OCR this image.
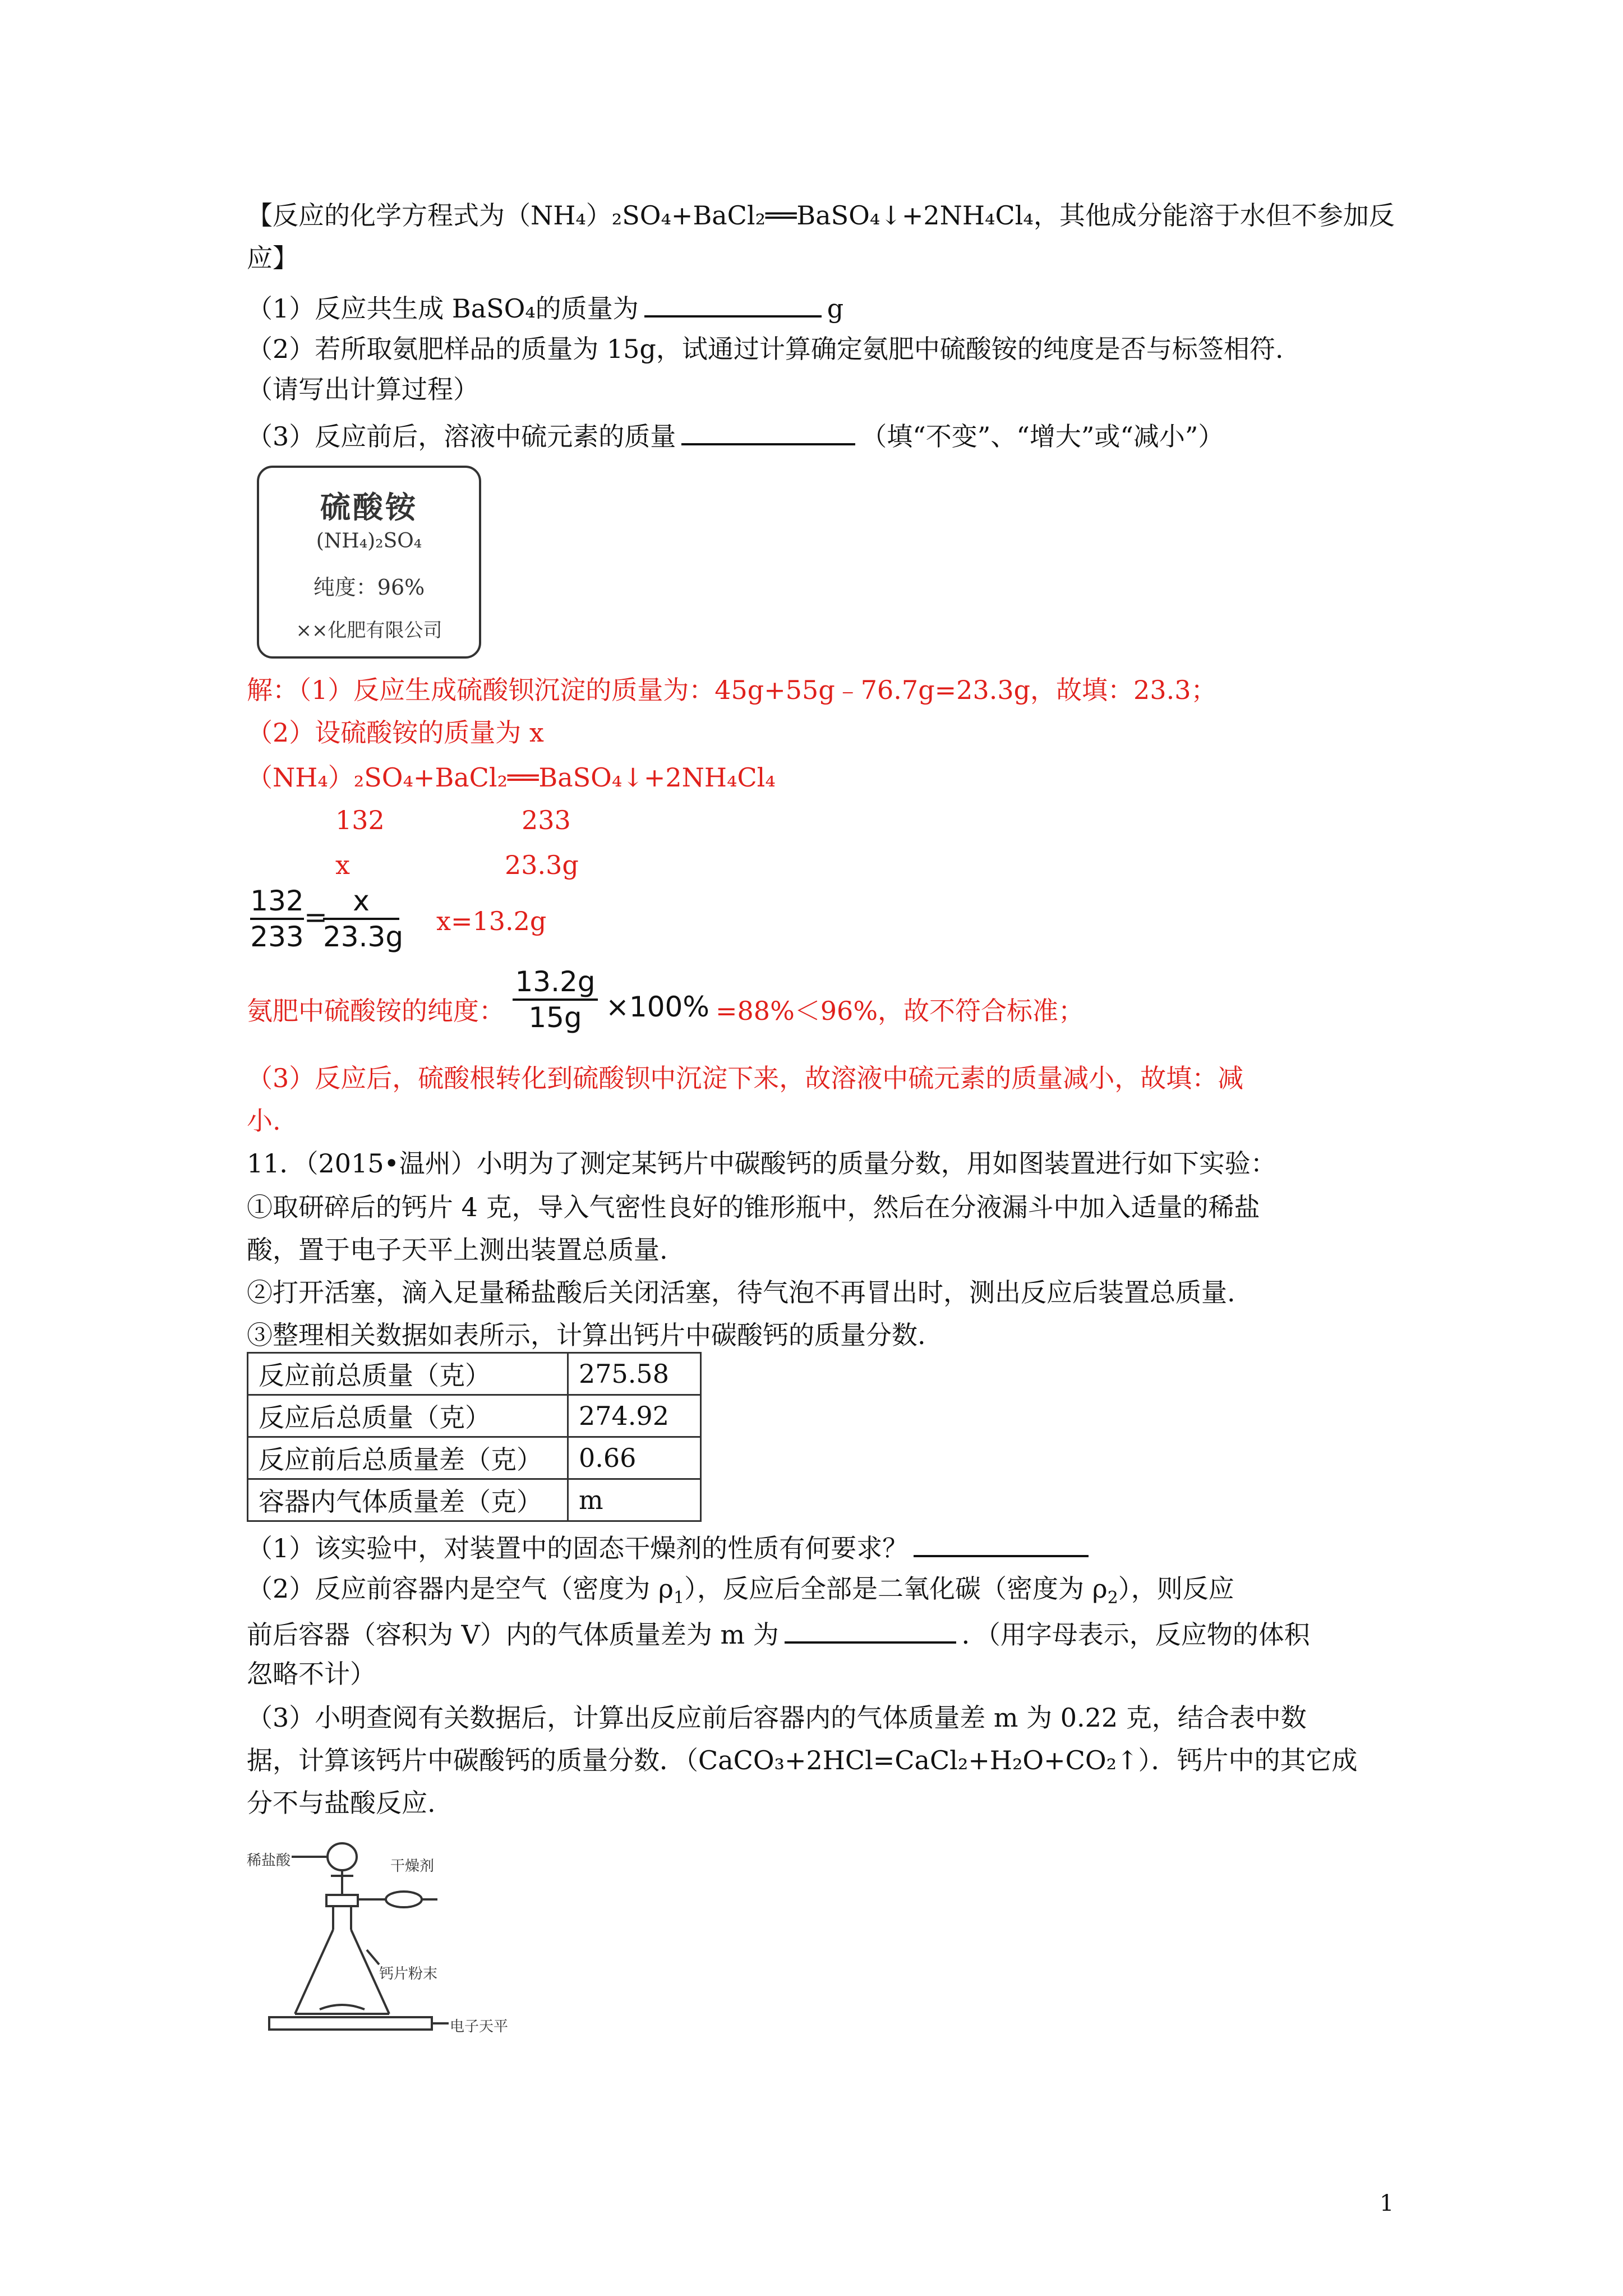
【反应的化学方程式为（NH₄）₂SO₄+BaCl₂══BaSO₄↓+2NH₄Cl₄，其他成分能溶于水但不参加反
应】
（1）反应共生成 BaSO₄的质量为	g
（2）若所取氨肥样品的质量为 15g，试通过计算确定氨肥中硫酸铵的纯度是否与标签相符.
（请写出计算过程）
（3）反应前后，溶液中硫元素的质量	（填“不变”、“增大”或“减小”）
硫酸铵
(NH₄)₂SO₄
纯度：96%
××化肥有限公司
解：（1）反应生成硫酸钡沉淀的质量为：45g+55g﹣76.7g=23.3g，故填：23.3；
（2）设硫酸铵的质量为 x
（NH₄）₂SO₄+BaCl₂══BaSO₄↓+2NH₄Cl₄
132	233
x	23.3g
132
233
= x
23.3g x=13.2g
氨肥中硫酸铵的纯度：
13.2g
15g ×100% =88%＜96%，故不符合标准；
（3）反应后，硫酸根转化到硫酸钡中沉淀下来，故溶液中硫元素的质量减小，故填：减
小.
11．（2015•温州）小明为了测定某钙片中碳酸钙的质量分数，用如图装置进行如下实验：
①取研碎后的钙片 4 克，导入气密性良好的锥形瓶中，然后在分液漏斗中加入适量的稀盐
酸，置于电子天平上测出装置总质量.
②打开活塞，滴入足量稀盐酸后关闭活塞，待气泡不再冒出时，测出反应后装置总质量.
③整理相关数据如表所示，计算出钙片中碳酸钙的质量分数.
反应前总质量（克）	275.58
反应后总质量（克）	274.92
反应前后总质量差（克）	0.66
容器内气体质量差（克）	m
（1）该实验中，对装置中的固态干燥剂的性质有何要求？
（2）反应前容器内是空气（密度为 $\rho_1$），反应后全部是二氧化碳（密度为 $\rho_2$），则反应
前后容器（容积为 V）内的气体质量差为 m 为	．（用字母表示，反应物的体积
忽略不计）
（3）小明查阅有关数据后，计算出反应前后容器内的气体质量差 m 为 0.22 克，结合表中数
据，计算该钙片中碳酸钙的质量分数．（CaCO₃+2HCl=CaCl₂+H₂O+CO₂↑）．钙片中的其它成
分不与盐酸反应.
稀盐酸	干燥剂
钙片粉末
电子天平
1
